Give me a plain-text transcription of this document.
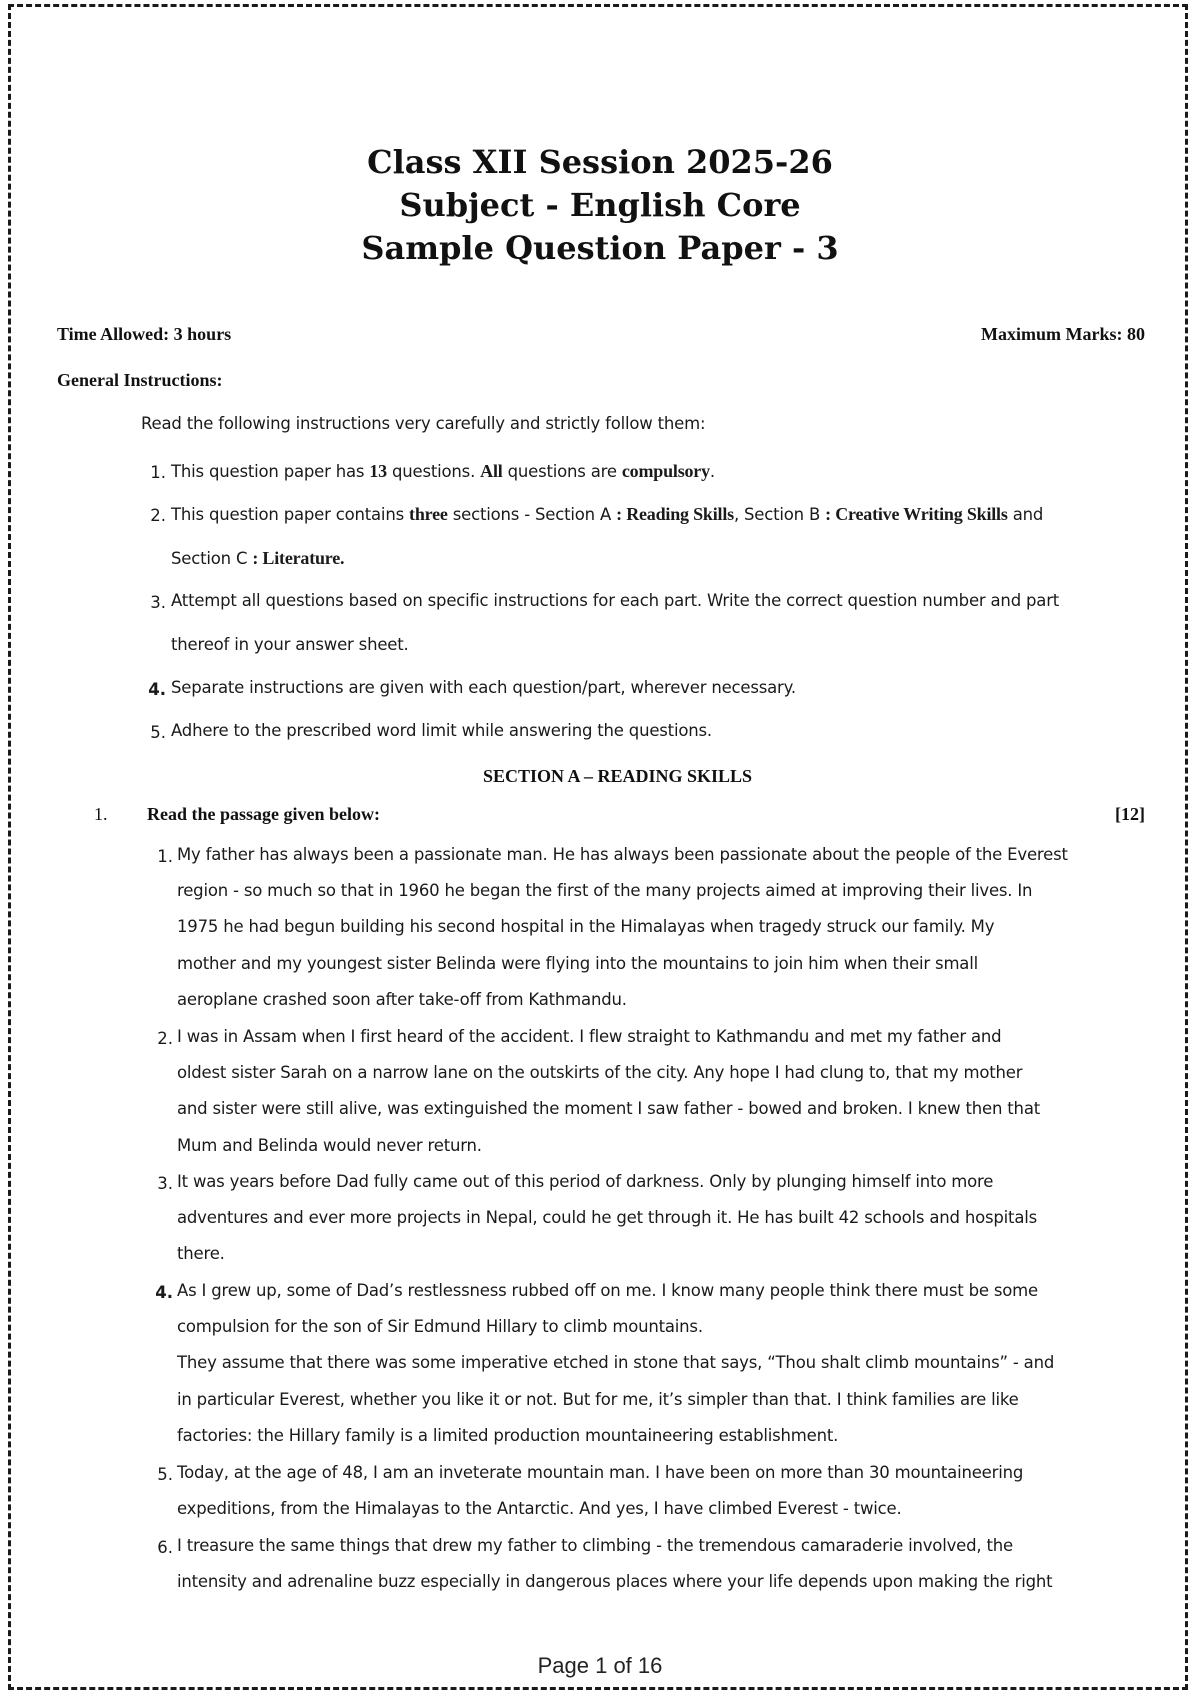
Class XII Session 2025-26
Subject - English Core
Sample Question Paper - 3
Time Allowed: 3 hours	Maximum Marks: 80
General Instructions:
Read the following instructions very carefully and strictly follow them:
1. This question paper has 13 questions. All questions are compulsory.
2. This question paper contains three sections - Section A : Reading Skills, Section B : Creative Writing Skills and
Section C : Literature.
3. Attempt all questions based on specific instructions for each part. Write the correct question number and part
thereof in your answer sheet.
4. Separate instructions are given with each question/part, wherever necessary.
5. Adhere to the prescribed word limit while answering the questions.
SECTION A – READING SKILLS
1. Read the passage given below:	[12]
1. My father has always been a passionate man. He has always been passionate about the people of the Everest
region - so much so that in 1960 he began the first of the many projects aimed at improving their lives. In
1975 he had begun building his second hospital in the Himalayas when tragedy struck our family. My
mother and my youngest sister Belinda were flying into the mountains to join him when their small
aeroplane crashed soon after take-off from Kathmandu.
2. I was in Assam when I first heard of the accident. I flew straight to Kathmandu and met my father and
oldest sister Sarah on a narrow lane on the outskirts of the city. Any hope I had clung to, that my mother
and sister were still alive, was extinguished the moment I saw father - bowed and broken. I knew then that
Mum and Belinda would never return.
3. It was years before Dad fully came out of this period of darkness. Only by plunging himself into more
adventures and ever more projects in Nepal, could he get through it. He has built 42 schools and hospitals
there.
4. As I grew up, some of Dad’s restlessness rubbed off on me. I know many people think there must be some
compulsion for the son of Sir Edmund Hillary to climb mountains.
They assume that there was some imperative etched in stone that says, “Thou shalt climb mountains” - and
in particular Everest, whether you like it or not. But for me, it’s simpler than that. I think families are like
factories: the Hillary family is a limited production mountaineering establishment.
5. Today, at the age of 48, I am an inveterate mountain man. I have been on more than 30 mountaineering
expeditions, from the Himalayas to the Antarctic. And yes, I have climbed Everest - twice.
6. I treasure the same things that drew my father to climbing - the tremendous camaraderie involved, the
intensity and adrenaline buzz especially in dangerous places where your life depends upon making the right
Page 1 of 16
